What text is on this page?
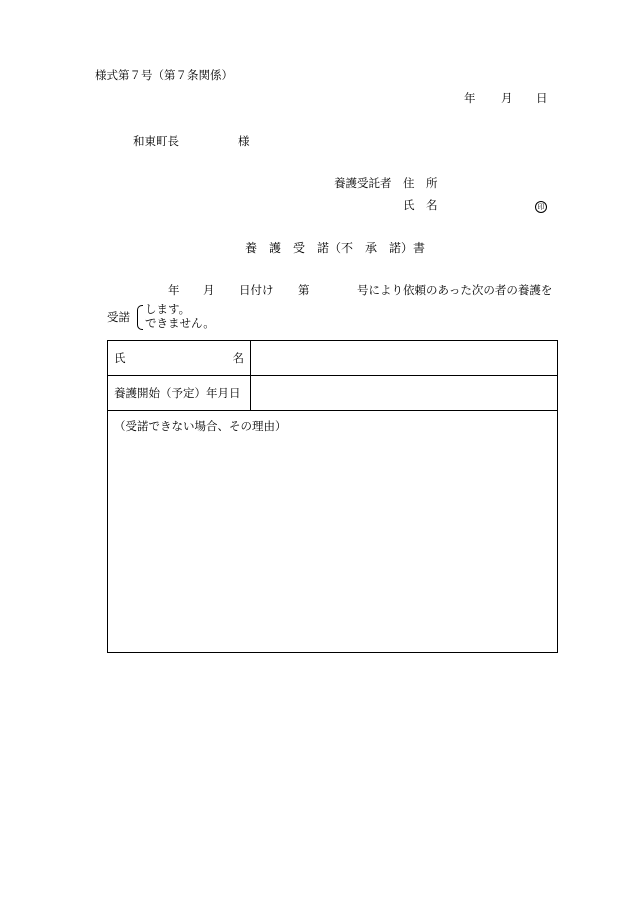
様式第７号（第７条関係）
年 月 日
和東町長	様
養護受託者 住　所
氏　名	印
養　護　受　諾（不　承　諾）書
年 月 日付け 第	号により依頼のあった次の者の養護を
受諾
します。
できません。
氏 名	

養護開始（予定）年月日	
（受諾できない場合、その理由）	
